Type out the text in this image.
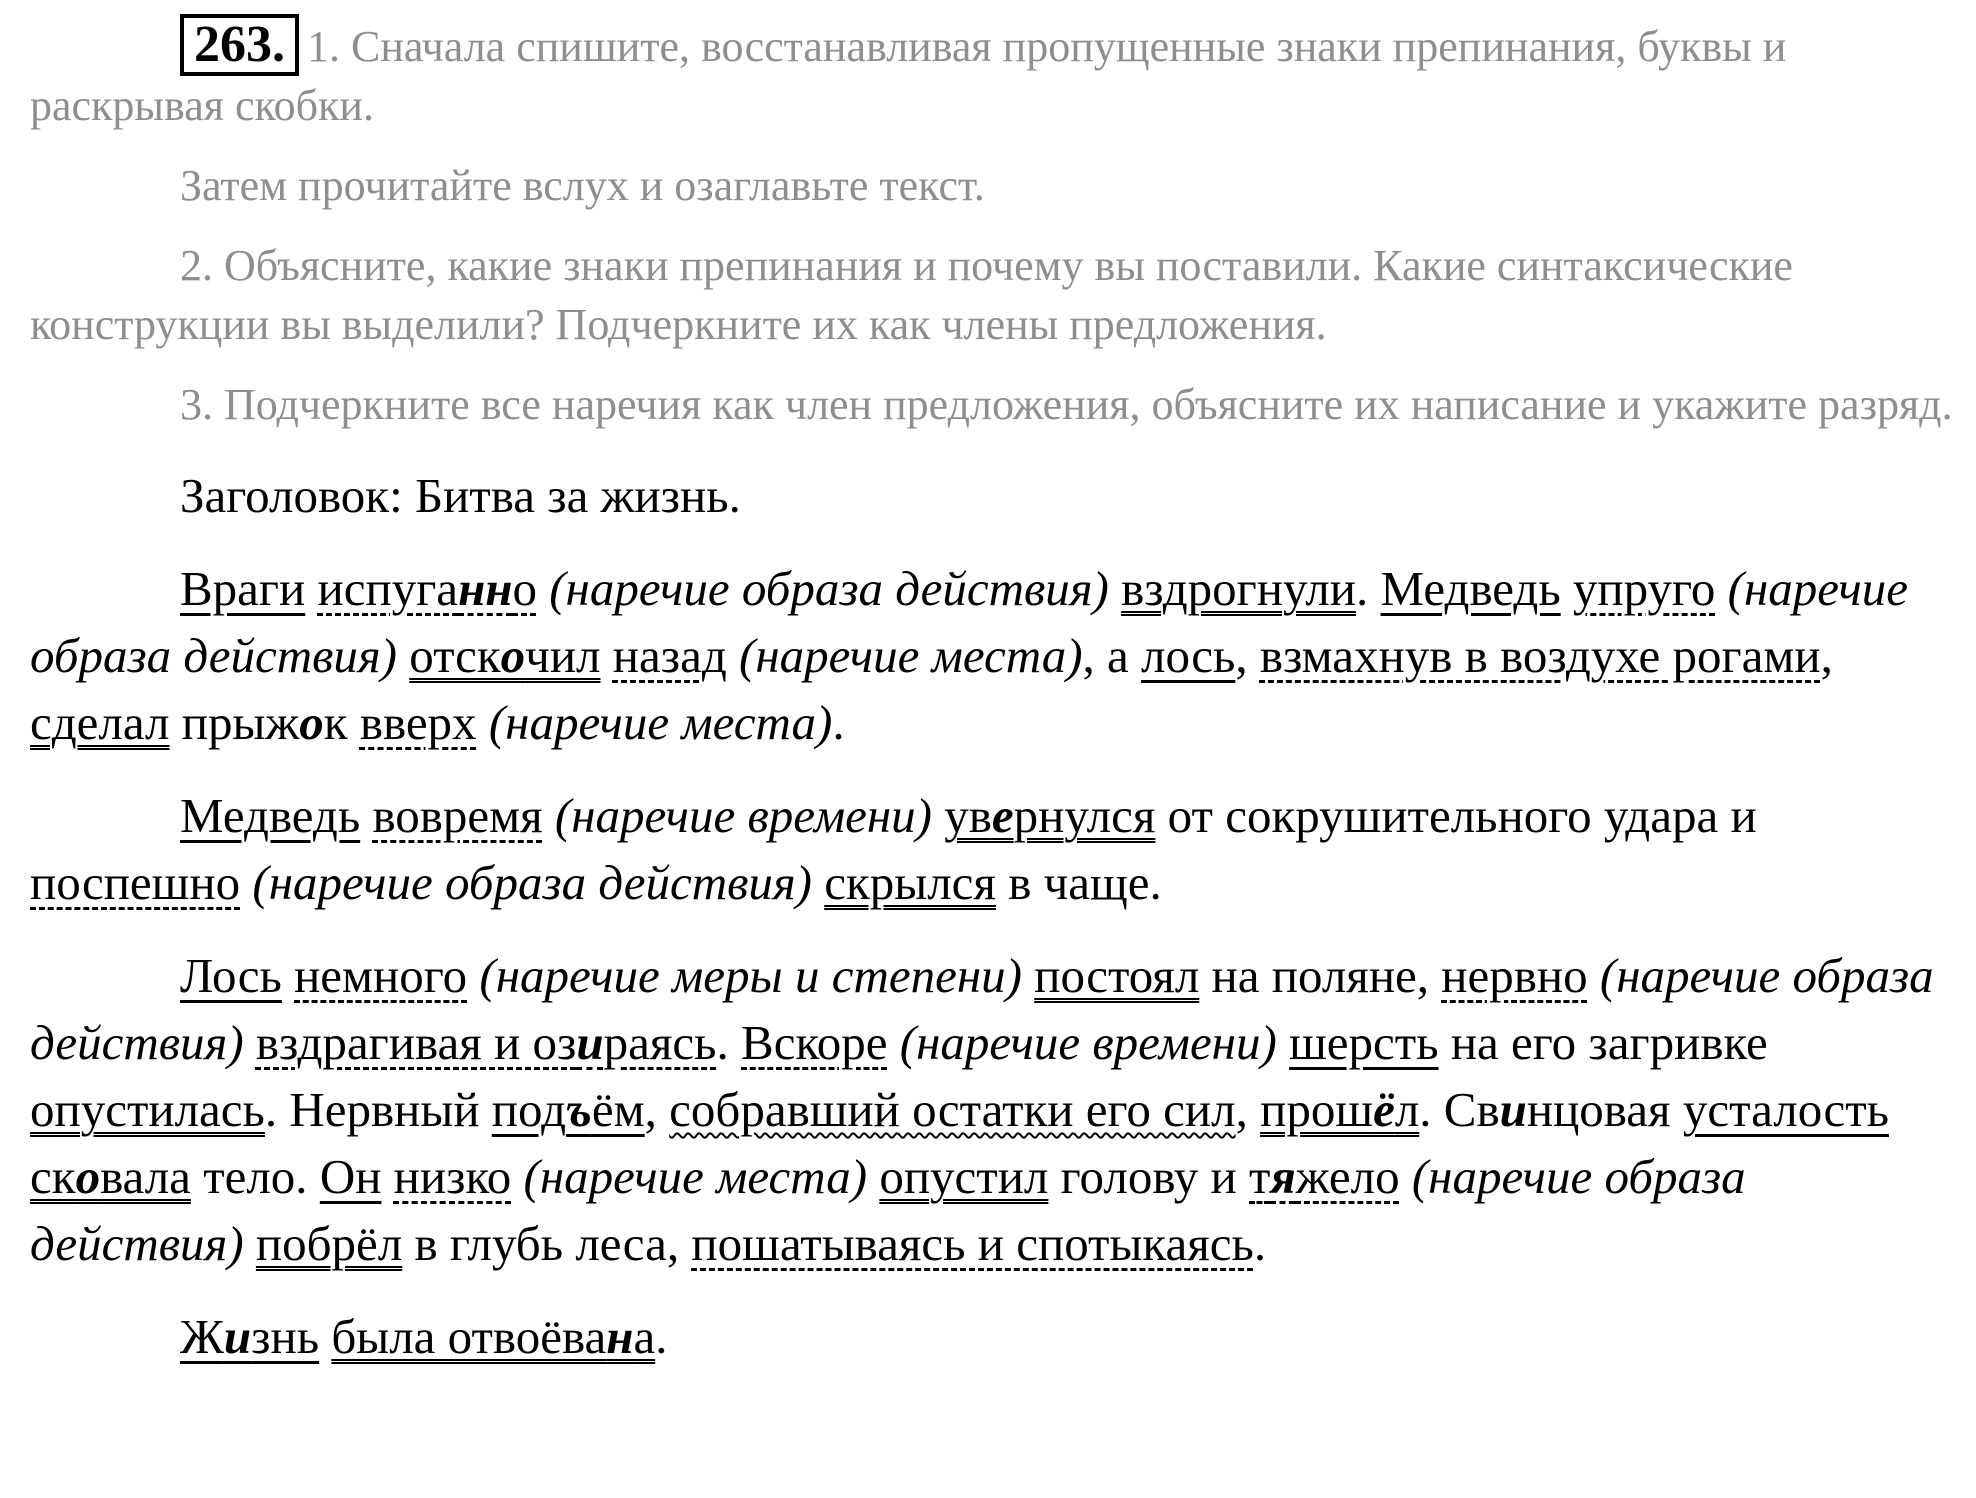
263. 1. Сначала спишите, восстанавливая пропущенные знаки препинания, буквы и раскрывая скобки.

Затем прочитайте вслух и озаглавьте текст.

2. Объясните, какие знаки препинания и почему вы поставили. Какие синтаксические конструкции вы выделили? Подчеркните их как члены предложения.

3. Подчеркните все наречия как член предложения, объясните их написание и укажите разряд.

Заголовок: Битва за жизнь.

Враги испуганно (наречие образа действия) вздрогнули. Медведь упруго (наречие образа действия) отскочил назад (наречие места), а лось, взмахнув в воздухе рогами, сделал прыжок вверх (наречие места).

Медведь вовремя (наречие времени) увернулся от сокрушительного удара и поспешно (наречие образа действия) скрылся в чаще.

Лось немного (наречие меры и степени) постоял на поляне, нервно (наречие образа действия) вздрагивая и озираясь. Вскоре (наречие времени) шерсть на его загривке опустилась. Нервный подъём, собравший остатки его сил, прошёл. Свинцовая усталость сковала тело. Он низко (наречие места) опустил голову и тяжело (наречие образа действия) побрёл в глубь леса, пошатываясь и спотыкаясь.

Жизнь была отвоёвана.
